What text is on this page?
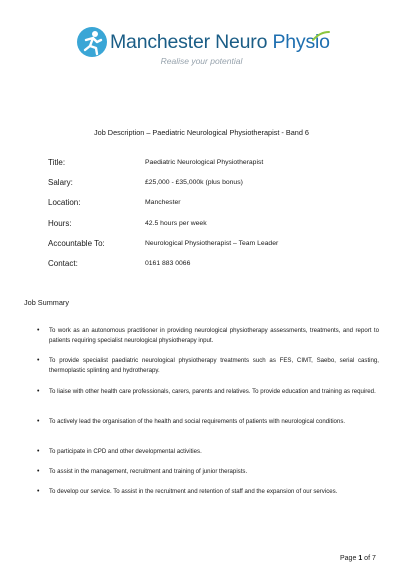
Manchester Neuro Physio
Realise your potential
Job Description – Paediatric Neurological Physiotherapist - Band 6
Title:	Paediatric Neurological Physiotherapist
Salary:	£25,000 - £35,000k (plus bonus)
Location:	Manchester
Hours:	42.5 hours per week
Accountable To:	Neurological Physiotherapist – Team Leader
Contact:	0161 883 0066
Job Summary
• To work as an autonomous practitioner in providing neurological physiotherapy assessments, treatments, and report to patients requiring specialist neurological physiotherapy input.
• To provide specialist paediatric neurological physiotherapy treatments such as FES, CIMT, Saebo, serial casting, thermoplastic splinting and hydrotherapy.
• To liaise with other health care professionals, carers, parents and relatives. To provide education and training as required.
• To actively lead the organisation of the health and social requirements of patients with neurological conditions.
• To participate in CPD and other developmental activities.
• To assist in the management, recruitment and training of junior therapists.
• To develop our service. To assist in the recruitment and retention of staff and the expansion of our services.
Page 1 of 7
